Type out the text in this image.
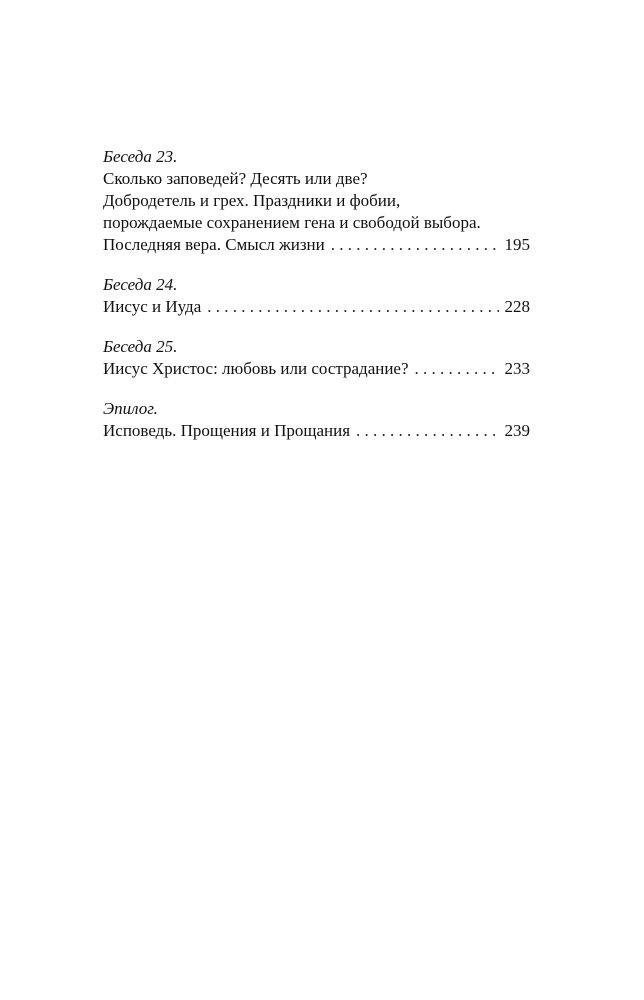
Беседа 23.
Сколько заповедей? Десять или две?
Добродетель и грех. Праздники и фобии,
порождаемые сохранением гена и свободой выбора.
Последняя вера. Смысл жизни . . .	195
Беседа 24.
Иисус и Иуда . . .	228
Беседа 25.
Иисус Христос: любовь или сострадание? . . .	233
Эпилог.
Исповедь. Прощения и Прощания . . .	239
